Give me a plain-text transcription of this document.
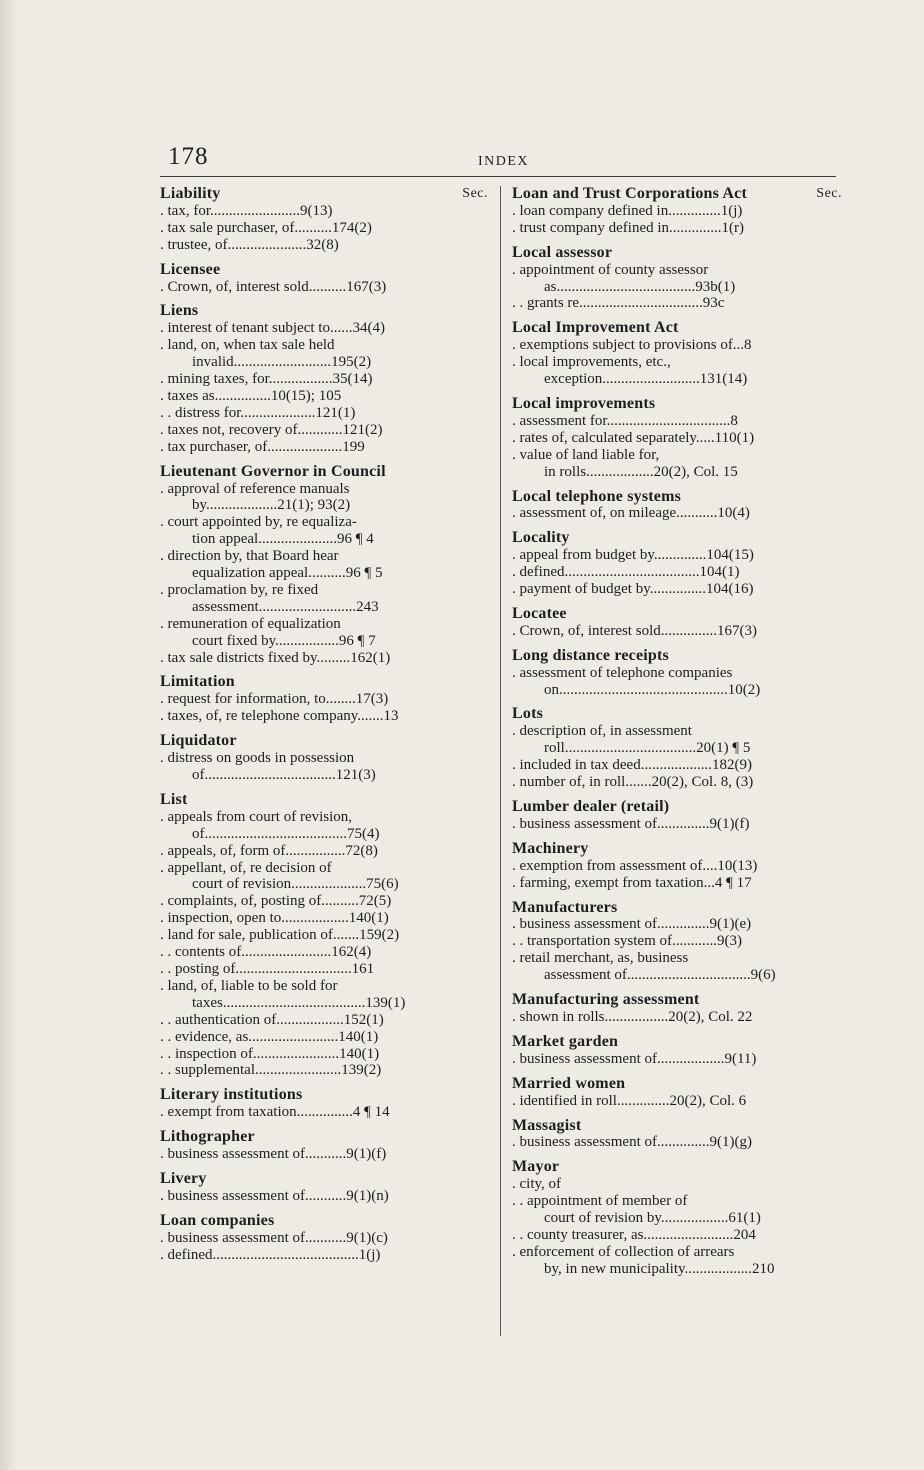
178	INDEX
Liability	Sec.
. tax, for........................9(13)
. tax sale purchaser, of..........174(2)
. trustee, of.....................32(8)
Licensee
. Crown, of, interest sold..........167(3)
Liens
. interest of tenant subject to......34(4)
. land, on, when tax sale held
invalid..........................195(2)
. mining taxes, for.................35(14)
. taxes as...............10(15); 105
. . distress for....................121(1)
. taxes not, recovery of............121(2)
. tax purchaser, of....................199
Lieutenant Governor in Council
. approval of reference manuals
by...................21(1); 93(2)
. court appointed by, re equaliza-
tion appeal.....................96 ¶ 4
. direction by, that Board hear
equalization appeal..........96 ¶ 5
. proclamation by, re fixed
assessment..........................243
. remuneration of equalization
court fixed by.................96 ¶ 7
. tax sale districts fixed by.........162(1)
Limitation
. request for information, to........17(3)
. taxes, of, re telephone company.......13
Liquidator
. distress on goods in possession
of...................................121(3)
List
. appeals from court of revision,
of......................................75(4)
. appeals, of, form of................72(8)
. appellant, of, re decision of
court of revision....................75(6)
. complaints, of, posting of..........72(5)
. inspection, open to..................140(1)
. land for sale, publication of.......159(2)
. . contents of........................162(4)
. . posting of...............................161
. land, of, liable to be sold for
taxes......................................139(1)
. . authentication of..................152(1)
. . evidence, as........................140(1)
. . inspection of.......................140(1)
. . supplemental.......................139(2)
Literary institutions
. exempt from taxation...............4 ¶ 14
Lithographer
. business assessment of...........9(1)(f)
Livery
. business assessment of...........9(1)(n)
Loan companies
. business assessment of...........9(1)(c)
. defined.......................................1(j)
Loan and Trust Corporations Act	Sec.
. loan company defined in..............1(j)
. trust company defined in..............1(r)
Local assessor
. appointment of county assessor
as.....................................93b(1)
. . grants re.................................93c
Local Improvement Act
. exemptions subject to provisions of...8
. local improvements, etc.,
exception..........................131(14)
Local improvements
. assessment for.................................8
. rates of, calculated separately.....110(1)
. value of land liable for,
in rolls..................20(2), Col. 15
Local telephone systems
. assessment of, on mileage...........10(4)
Locality
. appeal from budget by..............104(15)
. defined....................................104(1)
. payment of budget by...............104(16)
Locatee
. Crown, of, interest sold...............167(3)
Long distance receipts
. assessment of telephone companies
on.............................................10(2)
Lots
. description of, in assessment
roll...................................20(1) ¶ 5
. included in tax deed...................182(9)
. number of, in roll.......20(2), Col. 8, (3)
Lumber dealer (retail)
. business assessment of..............9(1)(f)
Machinery
. exemption from assessment of....10(13)
. farming, exempt from taxation...4 ¶ 17
Manufacturers
. business assessment of..............9(1)(e)
. . transportation system of............9(3)
. retail merchant, as, business
assessment of.................................9(6)
Manufacturing assessment
. shown in rolls.................20(2), Col. 22
Market garden
. business assessment of..................9(11)
Married women
. identified in roll..............20(2), Col. 6
Massagist
. business assessment of..............9(1)(g)
Mayor
. city, of
. . appointment of member of
court of revision by..................61(1)
. . county treasurer, as........................204
. enforcement of collection of arrears
by, in new municipality..................210
